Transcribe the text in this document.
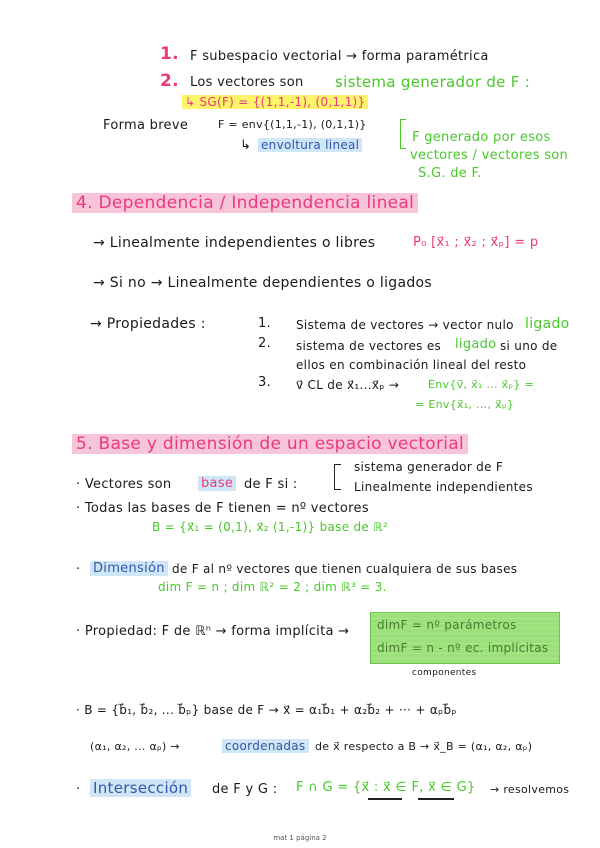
1. F subespacio vectorial → forma paramétrica
2. Los vectores son sistema generador de F :
↳ SG(F) = {(1,1,-1), (0,1,1)}
Forma breve	F = env{(1,1,-1), (0,1,1)}
↳ envoltura lineal	F generado por esos
vectores / vectores son
S.G. de F.
4. Dependencia / Independencia lineal
→ Linealmente independientes o libres	P₀ [x⃗₁ ; x⃗₂ ; x⃗ₚ] = p
→ Si no → Linealmente dependientes o ligados
→ Propiedades :	1. Sistema de vectores → vector nulo ligado
2. sistema de vectores es ligado si uno de
ellos en combinación lineal del resto
3. v⃗ CL de x⃗₁...x⃗ₚ →	Env{v⃗, x⃗₁ ... x⃗ₚ} =
= Env{x⃗₁, ..., x⃗ₚ}
5. Base y dimensión de un espacio vectorial
· Vectores son base de F si :
sistema generador de F
Linealmente independientes
· Todas las bases de F tienen = nº vectores
B = {x⃗₁ = (0,1), x⃗₂ (1,-1)} base de ℝ²
· Dimensión de F al nº vectores que tienen cualquiera de sus bases
dim F = n ; dim ℝ² = 2 ; dim ℝ³ = 3.
· Propiedad: F de ℝⁿ → forma implícita → dimF = nº parámetros
dimF = n - nº ec. implícitas
componentes
· B = {b⃗₁, b⃗₂, ... b⃗ₚ} base de F → x⃗ = α₁b⃗₁ + α₂b⃗₂ + ··· + αₚb⃗ₚ
(α₁, α₂, ... αₚ) →	coordenadas de x⃗ respecto a B → x⃗_B = (α₁, α₂, αₚ)
· Intersección de F y G : F ∩ G = {x⃗ : x⃗ ∈ F, x⃗ ∈ G} → resolvemos
mat 1 página 2
